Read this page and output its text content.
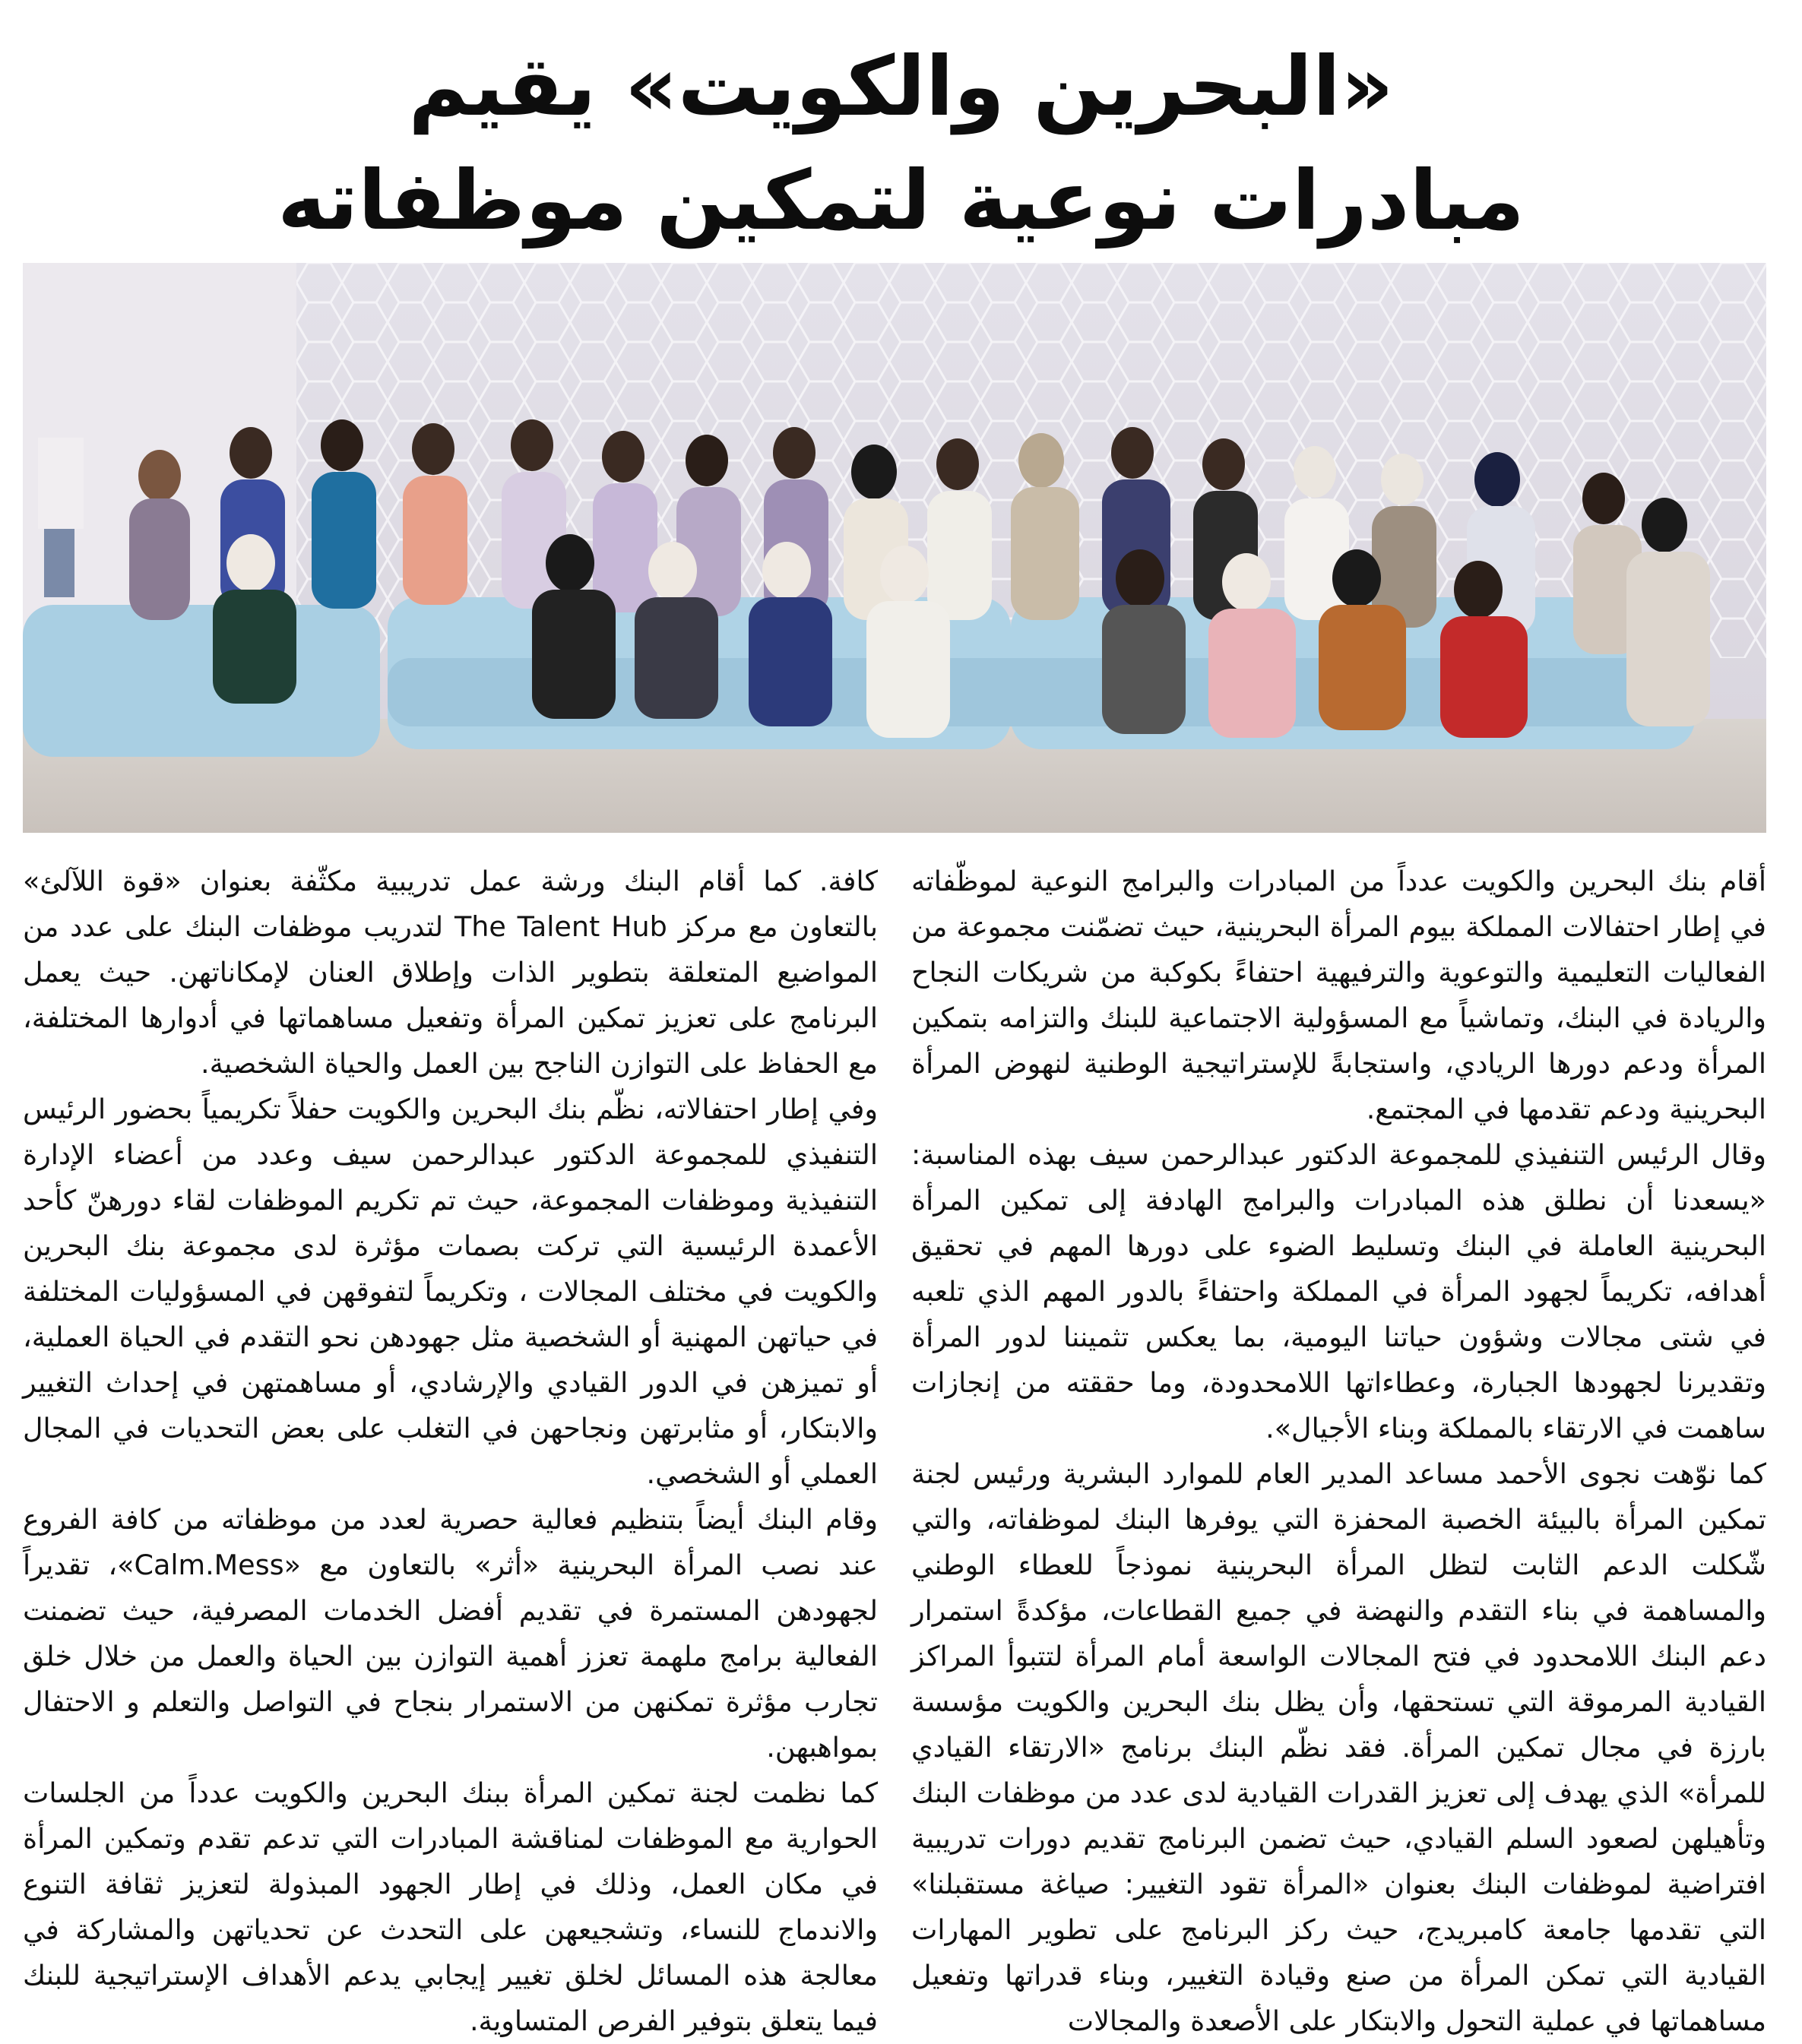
«البحرين والكويت» يقيم
مبادرات نوعية لتمكين موظفاته

أقام بنك البحرين والكويت عدداً من المبادرات والبرامج النوعية لموظّفاته في إطار احتفالات المملكة بيوم المرأة البحرينية، حيث تضمّنت مجموعة من الفعاليات التعليمية والتوعوية والترفيهية احتفاءً بكوكبة من شريكات النجاح والريادة في البنك، وتماشياً مع المسؤولية الاجتماعية للبنك والتزامه بتمكين المرأة ودعم دورها الريادي، واستجابةً للإستراتيجية الوطنية لنهوض المرأة البحرينية ودعم تقدمها في المجتمع.

وقال الرئيس التنفيذي للمجموعة الدكتور عبدالرحمن سيف بهذه المناسبة: «يسعدنا أن نطلق هذه المبادرات والبرامج الهادفة إلى تمكين المرأة البحرينية العاملة في البنك وتسليط الضوء على دورها المهم في تحقيق أهدافه، تكريماً لجهود المرأة في المملكة واحتفاءً بالدور المهم الذي تلعبه في شتى مجالات وشؤون حياتنا اليومية، بما يعكس تثميننا لدور المرأة وتقديرنا لجهودها الجبارة، وعطاءاتها اللامحدودة، وما حققته من إنجازات ساهمت في الارتقاء بالمملكة وبناء الأجيال».

كما نوّهت نجوى الأحمد مساعد المدير العام للموارد البشرية ورئيس لجنة تمكين المرأة بالبيئة الخصبة المحفزة التي يوفرها البنك لموظفاته، والتي شّكلت الدعم الثابت لتظل المرأة البحرينية نموذجاً للعطاء الوطني والمساهمة في بناء التقدم والنهضة في جميع القطاعات، مؤكدةً استمرار دعم البنك اللامحدود في فتح المجالات الواسعة أمام المرأة لتتبوأ المراكز القيادية المرموقة التي تستحقها، وأن يظل بنك البحرين والكويت مؤسسة بارزة في مجال تمكين المرأة. فقد نظّم البنك برنامج «الارتقاء القيادي للمرأة» الذي يهدف إلى تعزيز القدرات القيادية لدى عدد من موظفات البنك وتأهيلهن لصعود السلم القيادي، حيث تضمن البرنامج تقديم دورات تدريبية افتراضية لموظفات البنك بعنوان «المرأة تقود التغيير: صياغة مستقبلنا» التي تقدمها جامعة كامبريدج، حيث ركز البرنامج على تطوير المهارات القيادية التي تمكن المرأة من صنع وقيادة التغيير، وبناء قدراتها وتفعيل مساهماتها في عملية التحول والابتكار على الأصعدة والمجالات

كافة. كما أقام البنك ورشة عمل تدريبية مكثّفة بعنوان «قوة اللآلئ» بالتعاون مع مركز The Talent Hub لتدريب موظفات البنك على عدد من المواضيع المتعلقة بتطوير الذات وإطلاق العنان لإمكاناتهن. حيث يعمل البرنامج على تعزيز تمكين المرأة وتفعيل مساهماتها في أدوارها المختلفة، مع الحفاظ على التوازن الناجح بين العمل والحياة الشخصية.

وفي إطار احتفالاته، نظّم بنك البحرين والكويت حفلاً تكريمياً بحضور الرئيس التنفيذي للمجموعة الدكتور عبدالرحمن سيف وعدد من أعضاء الإدارة التنفيذية وموظفات المجموعة، حيث تم تكريم الموظفات لقاء دورهنّ كأحد الأعمدة الرئيسية التي تركت بصمات مؤثرة لدى مجموعة بنك البحرين والكويت في مختلف المجالات ، وتكريماً لتفوقهن في المسؤوليات المختلفة في حياتهن المهنية أو الشخصية مثل جهودهن نحو التقدم في الحياة العملية، أو تميزهن في الدور القيادي والإرشادي، أو مساهمتهن في إحداث التغيير والابتكار، أو مثابرتهن ونجاحهن في التغلب على بعض التحديات في المجال العملي أو الشخصي.

وقام البنك أيضاً بتنظيم فعالية حصرية لعدد من موظفاته من كافة الفروع عند نصب المرأة البحرينية «أثر» بالتعاون مع «Calm.Mess»، تقديراً لجهودهن المستمرة في تقديم أفضل الخدمات المصرفية، حيث تضمنت الفعالية برامج ملهمة تعزز أهمية التوازن بين الحياة والعمل من خلال خلق تجارب مؤثرة تمكنهن من الاستمرار بنجاح في التواصل والتعلم و الاحتفال بمواهبهن.

كما نظمت لجنة تمكين المرأة ببنك البحرين والكويت عدداً من الجلسات الحوارية مع الموظفات لمناقشة المبادرات التي تدعم تقدم وتمكين المرأة في مكان العمل، وذلك في إطار الجهود المبذولة لتعزيز ثقافة التنوع والاندماج للنساء، وتشجيعهن على التحدث عن تحدياتهن والمشاركة في معالجة هذه المسائل لخلق تغيير إيجابي يدعم الأهداف الإستراتيجية للبنك فيما يتعلق بتوفير الفرص المتساوية.
